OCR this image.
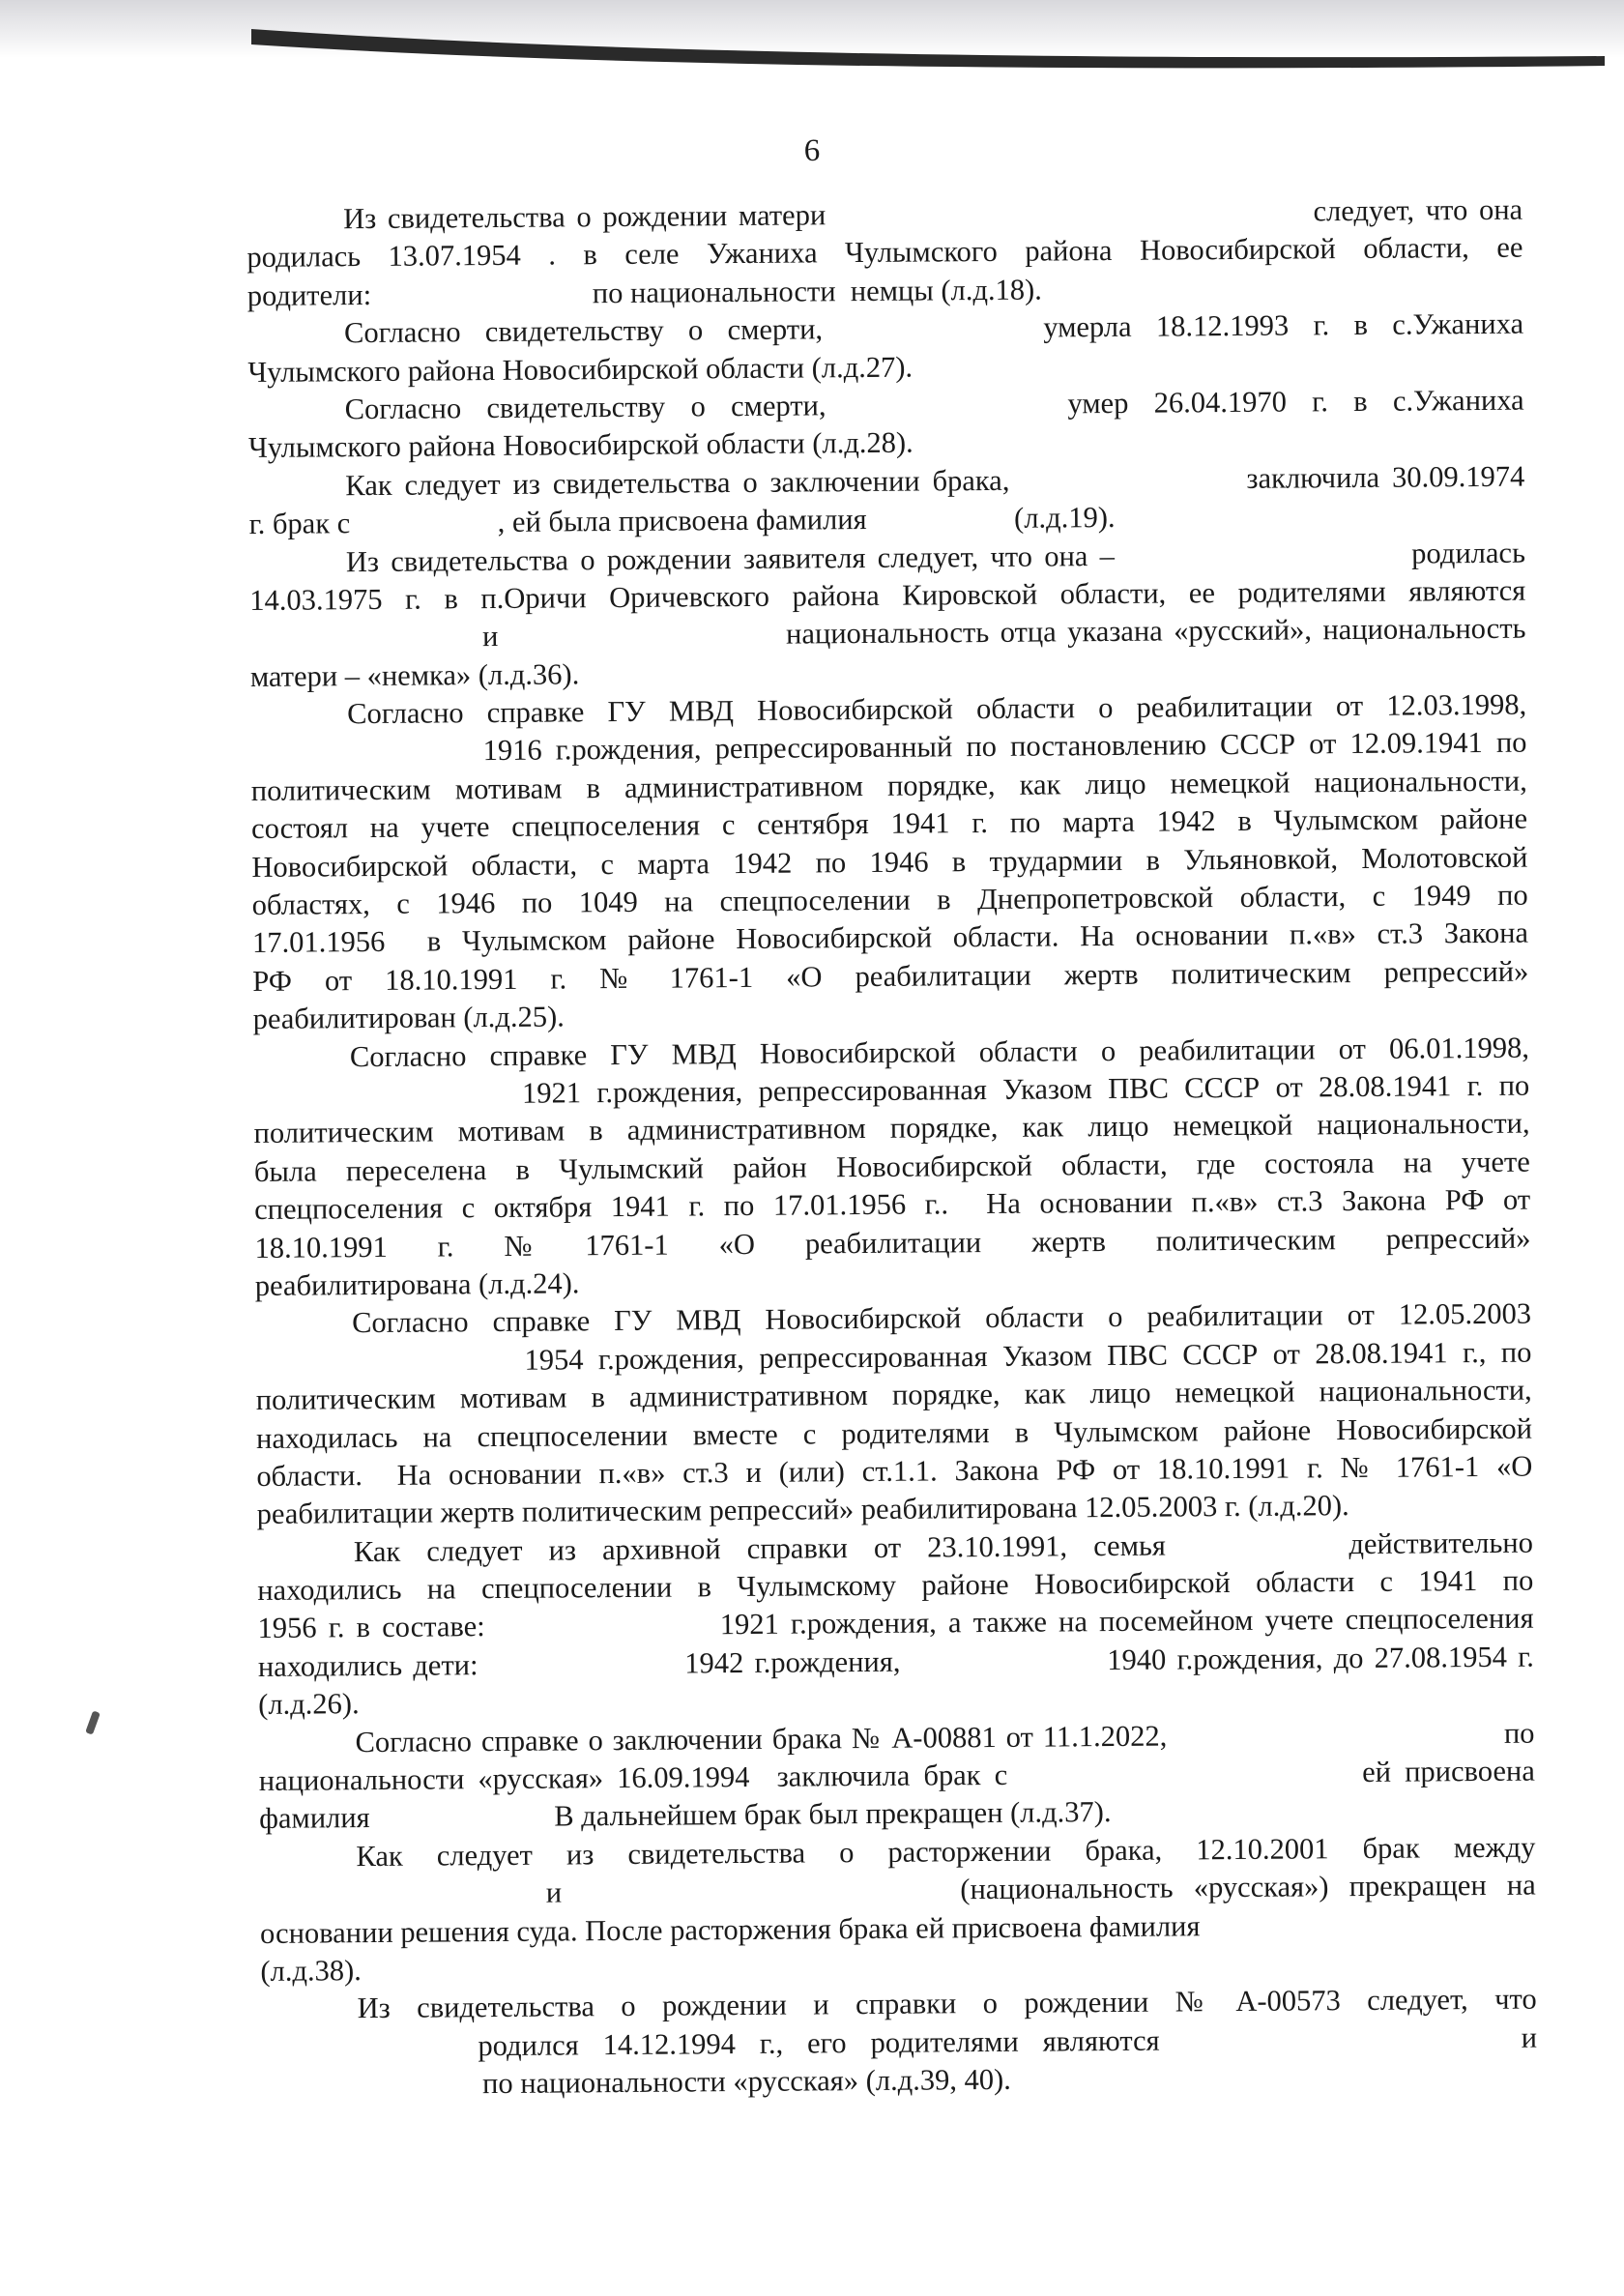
6
Из свидетельства о рождении матери                                           следует, что она
родилась 13.07.1954 . в селе Ужаниха Чулымского района Новосибирской области, ее
родители:                              по национальности  немцы (л.д.18).
Согласно  свидетельству  о  смерти,                  умерла  18.12.1993  г.  в  с.Ужаниха
Чулымского района Новосибирской области (л.д.27).
Согласно  свидетельству  о  смерти,                   умер  26.04.1970  г.  в  с.Ужаниха
Чулымского района Новосибирской области (л.д.28).
Как следует из свидетельства о заключении брака,                   заключила 30.09.1974
г. брак с                    , ей была присвоена фамилия                    (л.д.19).
Из свидетельства о рождении заявителя следует, что она –                         родилась
14.03.1975 г. в п.Оричи Оричевского района Кировской области, ее родителями являются
и                          национальность отца указана «русский», национальность
матери – «немка» (л.д.36).
Согласно справке ГУ МВД Новосибирской области о реабилитации от 12.03.1998,
1916 г.рождения, репрессированный по постановлению СССР от 12.09.1941 по
политическим мотивам в административном порядке, как лицо немецкой национальности,
состоял на учете спецпоселения с сентября 1941 г. по марта 1942 в Чулымском районе
Новосибирской области, с марта 1942 по 1946 в трудармии в Ульяновкой, Молотовской
областях,  с  1946  по  1049  на  спецпоселении  в  Днепропетровской  области,  с  1949  по
17.01.1956  в Чулымском районе Новосибирской области. На основании п.«в» ст.3 Закона
РФ  от  18.10.1991  г.  №  1761-1  «О  реабилитации  жертв  политическим  репрессий»
реабилитирован (л.д.25).
Согласно справке ГУ МВД Новосибирской области о реабилитации от 06.01.1998,
1921 г.рождения, репрессированная Указом ПВС СССР от 28.08.1941 г. по
политическим мотивам в административном порядке, как лицо немецкой национальности,
была  переселена  в  Чулымский  район  Новосибирской  области,  где  состояла  на  учете
спецпоселения с октября 1941 г. по 17.01.1956 г..  На основании п.«в» ст.3 Закона РФ от
18.10.1991     г.     №     1761-1     «О     реабилитации     жертв     политическим     репрессий»
реабилитирована (л.д.24).
Согласно справке ГУ МВД Новосибирской области о реабилитации от 12.05.2003
1954 г.рождения, репрессированная Указом ПВС СССР от 28.08.1941 г., по
политическим мотивам в административном порядке, как лицо немецкой национальности,
находилась на спецпоселении вместе с родителями в Чулымском районе Новосибирской
области.  На основании п.«в» ст.3 и (или) ст.1.1. Закона РФ от 18.10.1991 г. № 1761-1 «О
реабилитации жертв политическим репрессий» реабилитирована 12.05.2003 г. (л.д.20).
Как  следует  из  архивной  справки  от  23.10.1991,  семья              действительно
находились на спецпоселении в Чулымскому районе Новосибирской области с 1941 по
1956 г. в составе:                    1921 г.рождения, а также на посемейном учете спецпоселения
находились дети:                   1942 г.рождения,                   1940 г.рождения, до 27.08.1954 г.
(л.д.26).
Согласно справке о заключении брака № А-00881 от 11.1.2022,                                   по
национальности «русская» 16.09.1994  заключила брак с                          ей присвоена
фамилия                         В дальнейшем брак был прекращен (л.д.37).
Как  следует  из  свидетельства  о  расторжении  брака,  12.10.2001  брак  между
и                                       (национальность  «русская»)  прекращен  на
основании решения суда. После расторжения брака ей присвоена фамилия
(л.д.38).
Из  свидетельства  о  рождении  и  справки  о  рождении  №  А-00573  следует,  что
родился  14.12.1994  г.,  его  родителями  являются                              и
по национальности «русская» (л.д.39, 40).
